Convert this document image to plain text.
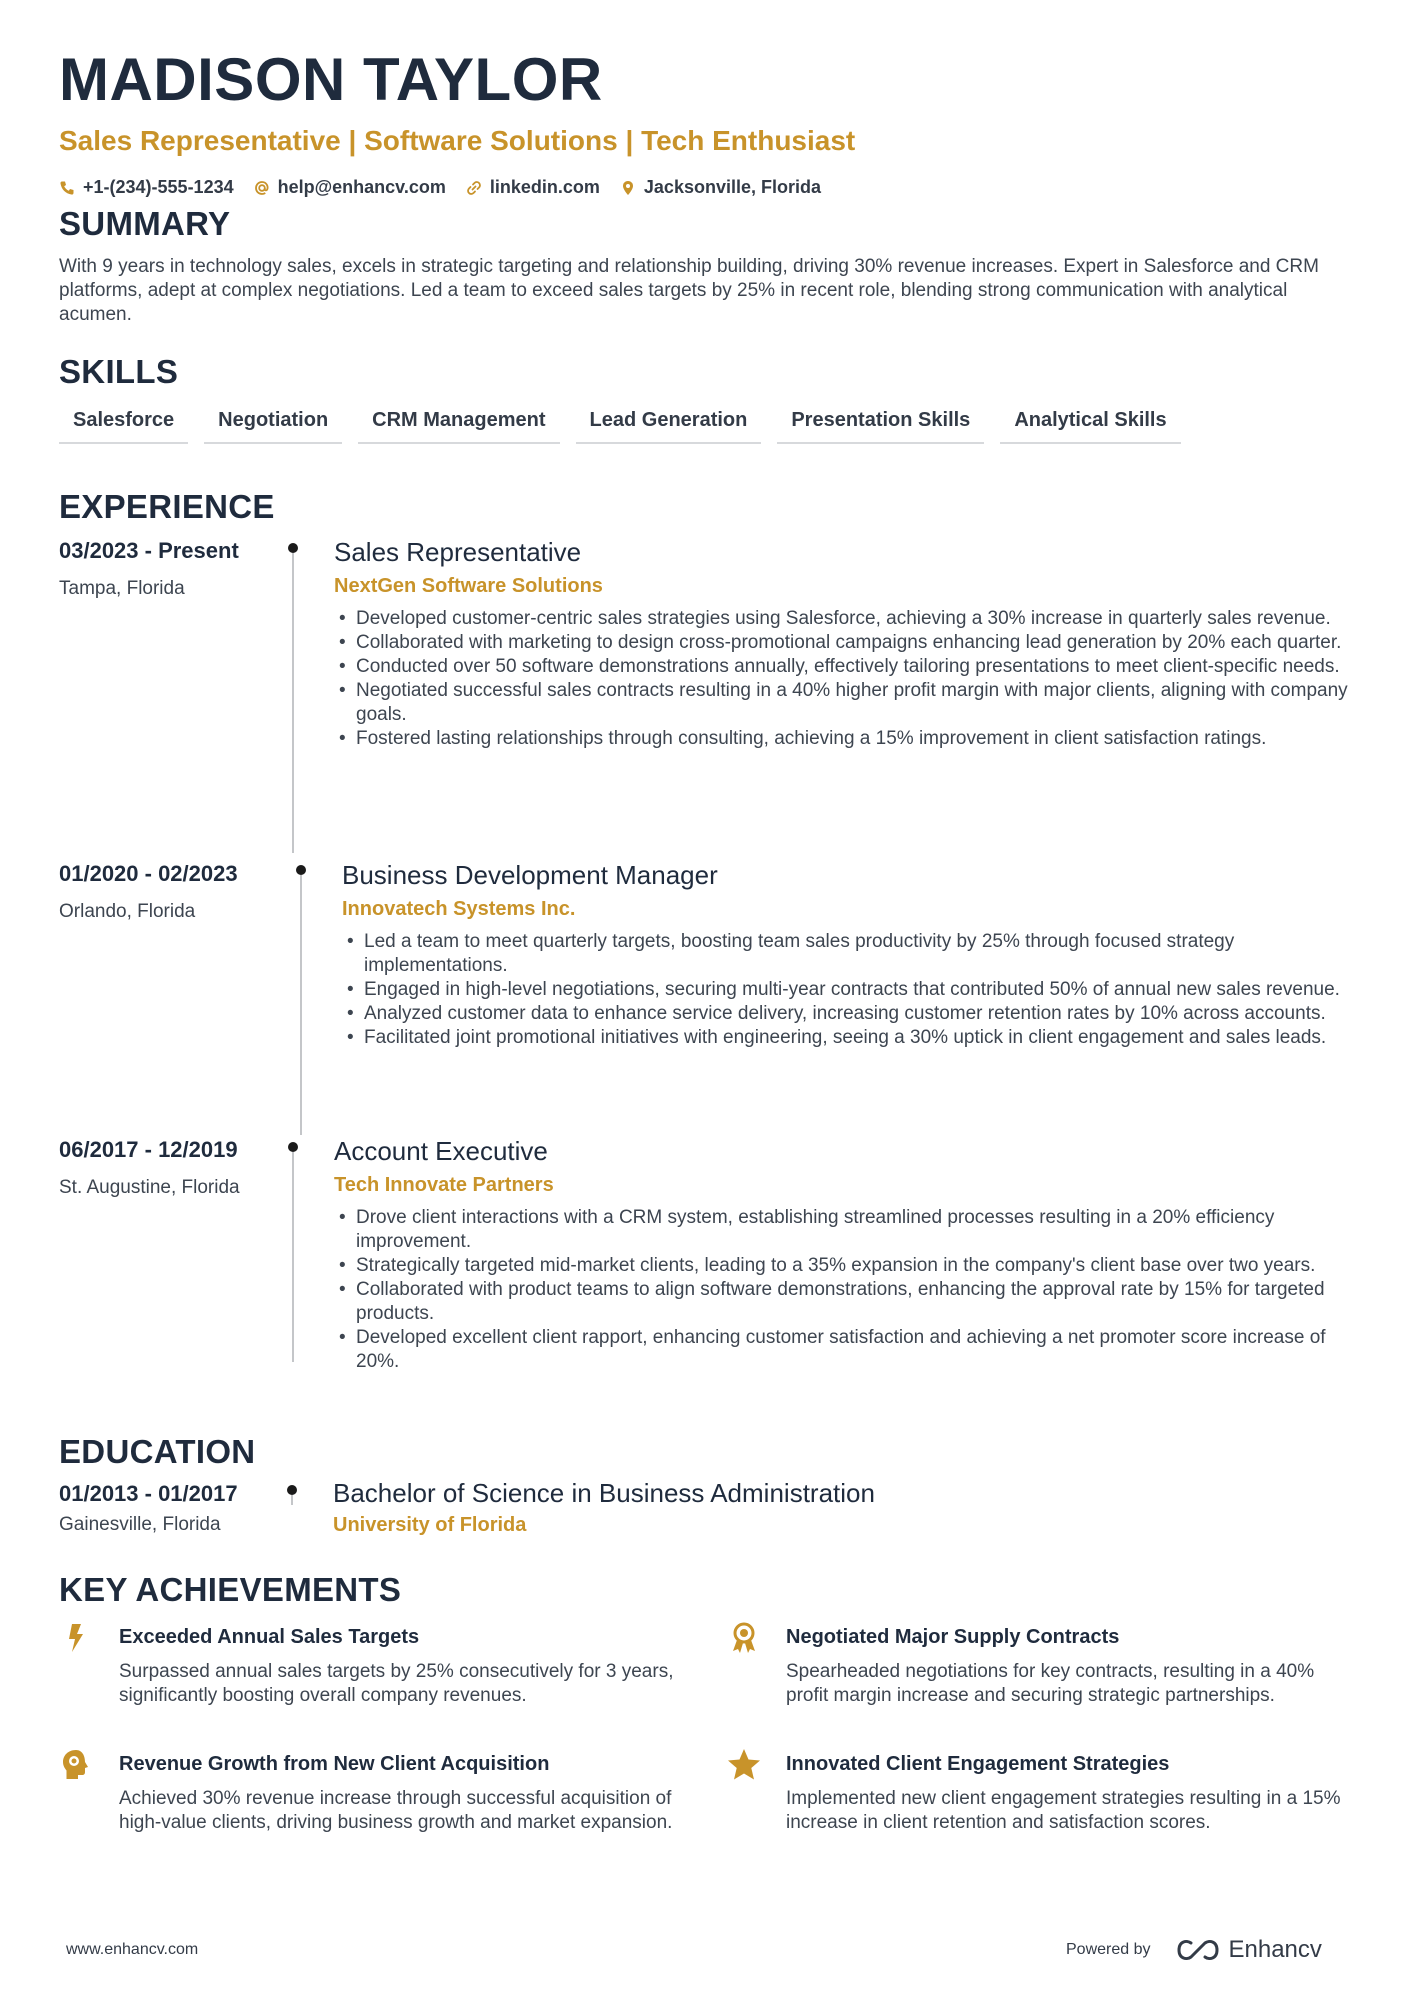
MADISON TAYLOR
Sales Representative | Software Solutions | Tech Enthusiast
+1-(234)-555-1234 help@enhancv.com linkedin.com Jacksonville, Florida
SUMMARY

With 9 years in technology sales, excels in strategic targeting and relationship building, driving 30% revenue increases. Expert in Salesforce and CRM platforms, adept at complex negotiations. Led a team to exceed sales targets by 25% in recent role, blending strong communication with analytical acumen.

SKILLS
Salesforce	Negotiation	CRM Management	Lead Generation	Presentation Skills	Analytical Skills
EXPERIENCE
03/2023 - Present
Tampa, Florida
Sales Representative
NextGen Software Solutions
• Developed customer-centric sales strategies using Salesforce, achieving a 30% increase in quarterly sales revenue.
• Collaborated with marketing to design cross-promotional campaigns enhancing lead generation by 20% each quarter.
• Conducted over 50 software demonstrations annually, effectively tailoring presentations to meet client-specific needs.
• Negotiated successful sales contracts resulting in a 40% higher profit margin with major clients, aligning with company goals.
• Fostered lasting relationships through consulting, achieving a 15% improvement in client satisfaction ratings.
01/2020 - 02/2023
Orlando, Florida
Business Development Manager
Innovatech Systems Inc.
• Led a team to meet quarterly targets, boosting team sales productivity by 25% through focused strategy implementations.
• Engaged in high-level negotiations, securing multi-year contracts that contributed 50% of annual new sales revenue.
• Analyzed customer data to enhance service delivery, increasing customer retention rates by 10% across accounts.
• Facilitated joint promotional initiatives with engineering, seeing a 30% uptick in client engagement and sales leads.
06/2017 - 12/2019
St. Augustine, Florida
Account Executive
Tech Innovate Partners
• Drove client interactions with a CRM system, establishing streamlined processes resulting in a 20% efficiency improvement.
• Strategically targeted mid-market clients, leading to a 35% expansion in the company's client base over two years.
• Collaborated with product teams to align software demonstrations, enhancing the approval rate by 15% for targeted products.
• Developed excellent client rapport, enhancing customer satisfaction and achieving a net promoter score increase of 20%.
EDUCATION
01/2013 - 01/2017
Gainesville, Florida
Bachelor of Science in Business Administration
University of Florida
KEY ACHIEVEMENTS
Exceeded Annual Sales Targets
Surpassed annual sales targets by 25% consecutively for 3 years, significantly boosting overall company revenues.
Negotiated Major Supply Contracts
Spearheaded negotiations for key contracts, resulting in a 40% profit margin increase and securing strategic partnerships.
Revenue Growth from New Client Acquisition
Achieved 30% revenue increase through successful acquisition of high-value clients, driving business growth and market expansion.
Innovated Client Engagement Strategies
Implemented new client engagement strategies resulting in a 15% increase in client retention and satisfaction scores.
www.enhancv.com	Powered by	Enhancv
